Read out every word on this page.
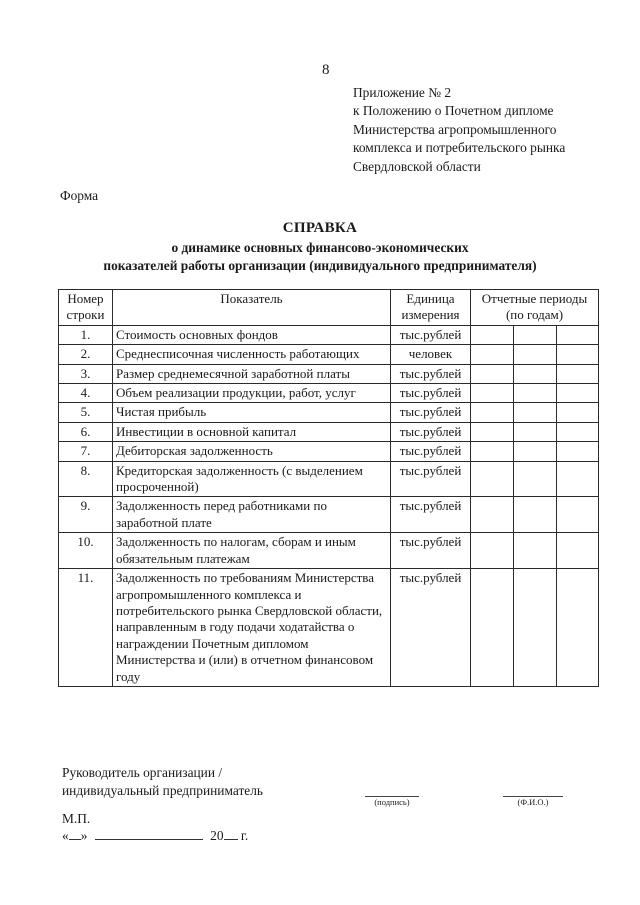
8
Приложение № 2
к Положению о Почетном дипломе
Министерства агропромышленного
комплекса и потребительского рынка
Свердловской области
Форма
СПРАВКА
о динамике основных финансово-экономических
показателей работы организации (индивидуального предпринимателя)
Номер строки	Показатель	Единица измерения	Отчетные периоды (по годам)		
1.	Стоимость основных фондов	тыс.рублей			
2.	Среднесписочная численность работающих	человек			
3.	Размер среднемесячной заработной платы	тыс.рублей			
4.	Объем реализации продукции, работ, услуг	тыс.рублей			
5.	Чистая прибыль	тыс.рублей			
6.	Инвестиции в основной капитал	тыс.рублей			
7.	Дебиторская задолженность	тыс.рублей			
8.	Кредиторская задолженность (с выделением просроченной)	тыс.рублей			
9.	Задолженность перед работниками по заработной плате	тыс.рублей			
10.	Задолженность по налогам, сборам и иным обязательным платежам	тыс.рублей			
11.	Задолженность по требованиям Министерства агропромышленного комплекса и потребительского рынка Свердловской области, направленным в году подачи ходатайства о награждении Почетным дипломом Министерства и (или) в отчетном финансовом году	тыс.рублей			
Руководитель организации /
индивидуальный предприниматель
(подпись)	(Ф.И.О.)
М.П.
« »	20 г.
